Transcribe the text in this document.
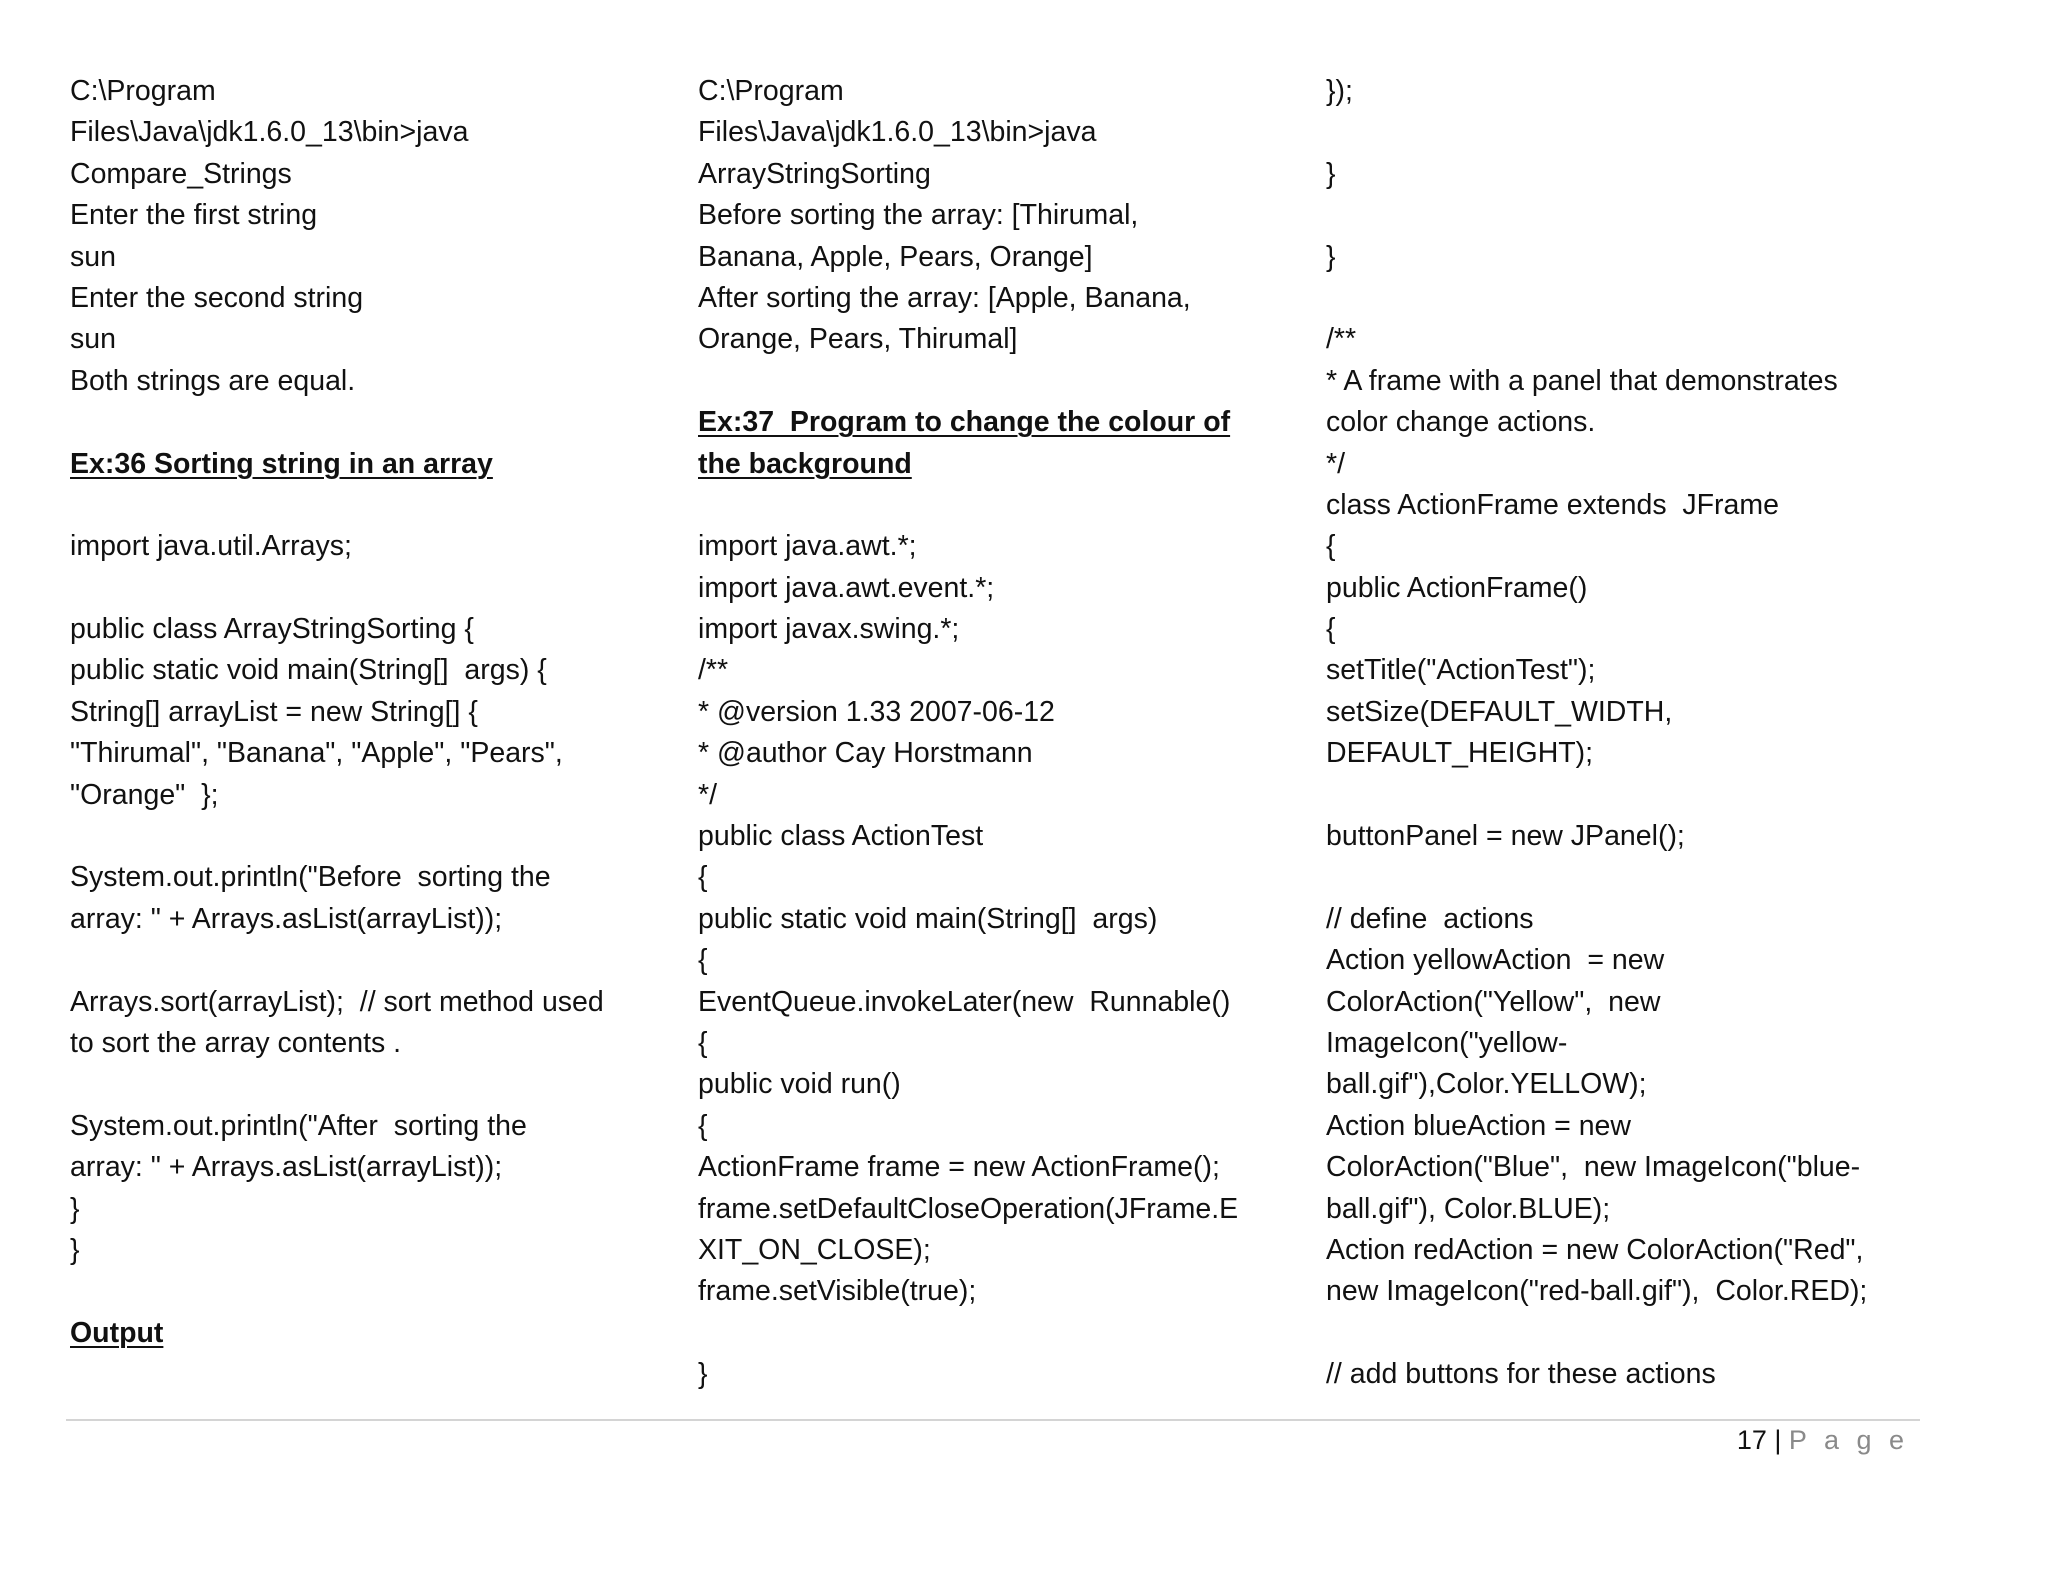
C:\Program
Files\Java\jdk1.6.0_13\bin>java
Compare_Strings
Enter the first string
sun
Enter the second string
sun
Both strings are equal.
Ex:36 Sorting string in an array
import java.util.Arrays;
public class ArrayStringSorting {
public static void main(String[]  args) {
String[] arrayList = new String[] {
"Thirumal", "Banana", "Apple", "Pears",
"Orange"  };
System.out.println("Before  sorting the
array: " + Arrays.asList(arrayList));
Arrays.sort(arrayList);  // sort method used
to sort the array contents .
System.out.println("After  sorting the
array: " + Arrays.asList(arrayList));
}
}
Output
C:\Program
Files\Java\jdk1.6.0_13\bin>java
ArrayStringSorting
Before sorting the array: [Thirumal,
Banana, Apple, Pears, Orange]
After sorting the array: [Apple, Banana,
Orange, Pears, Thirumal]
Ex:37  Program to change the colour of
the background
import java.awt.*;
import java.awt.event.*;
import javax.swing.*;
/**
* @version 1.33 2007-06-12
* @author Cay Horstmann
*/
public class ActionTest
{
public static void main(String[]  args)
{
EventQueue.invokeLater(new  Runnable()
{
public void run()
{
ActionFrame frame = new ActionFrame();
frame.setDefaultCloseOperation(JFrame.E
XIT_ON_CLOSE);
frame.setVisible(true);
}
});
}
}
/**
* A frame with a panel that demonstrates
color change actions.
*/
class ActionFrame extends  JFrame
{
public ActionFrame()
{
setTitle("ActionTest");
setSize(DEFAULT_WIDTH,
DEFAULT_HEIGHT);
buttonPanel = new JPanel();
// define  actions
Action yellowAction  = new
ColorAction("Yellow",  new
ImageIcon("yellow-
ball.gif"),Color.YELLOW);
Action blueAction = new
ColorAction("Blue",  new ImageIcon("blue-
ball.gif"), Color.BLUE);
Action redAction = new ColorAction("Red",
new ImageIcon("red-ball.gif"),  Color.RED);
// add buttons for these actions
17 | P a g e
